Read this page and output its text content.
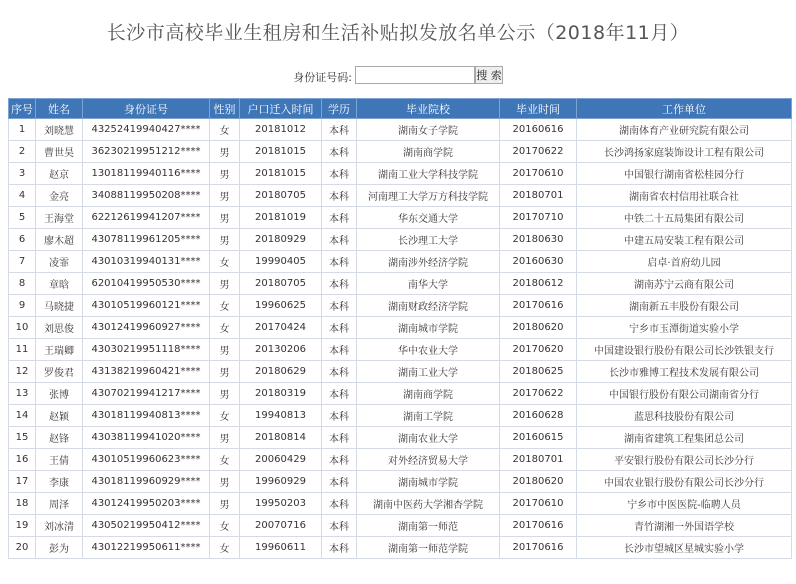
长沙市高校毕业生租房和生活补贴拟发放名单公示（2018年11月）
身份证号码:	搜 索
序号	姓名	身份证号	性别	户口迁入时间	学历	毕业院校	毕业时间	工作单位
1	刘晓慧	43252419940427****	女	20181012	本科	湖南女子学院	20160616	湖南体育产业研究院有限公司
2	曹世昊	36230219951212****	男	20181015	本科	湖南商学院	20170622	长沙鸿扬家庭装饰设计工程有限公司
3	赵京	13018119940116****	男	20181015	本科	湖南工业大学科技学院	20170610	中国银行湖南省松桂园分行
4	金亮	34088119950208****	男	20180705	本科	河南理工大学万方科技学院	20180701	湖南省农村信用社联合社
5	王海堂	62212619941207****	男	20181019	本科	华东交通大学	20170710	中铁二十五局集团有限公司
6	廖木超	43078119961205****	男	20180929	本科	长沙理工大学	20180630	中建五局安装工程有限公司
7	凌霏	43010319940131****	女	19990405	本科	湖南涉外经济学院	20160630	启卓·首府幼儿园
8	章晗	62010419950530****	男	20180705	本科	南华大学	20180612	湖南苏宁云商有限公司
9	马晓捷	43010519960121****	女	19960625	本科	湖南财政经济学院	20170616	湖南新五丰股份有限公司
10	刘思俊	43012419960927****	女	20170424	本科	湖南城市学院	20180620	宁乡市玉潭街道实验小学
11	王瑞卿	43030219951118****	男	20130206	本科	华中农业大学	20170620	中国建设银行股份有限公司长沙铁银支行
12	罗俊君	43138219960421****	男	20180629	本科	湖南工业大学	20180625	长沙市雅博工程技术发展有限公司
13	张博	43070219941217****	男	20180319	本科	湖南商学院	20170622	中国银行股份有限公司湖南省分行
14	赵颖	43018119940813****	女	19940813	本科	湖南工学院	20160628	蓝思科技股份有限公司
15	赵锋	43038119941020****	男	20180814	本科	湖南农业大学	20160615	湖南省建筑工程集团总公司
16	王倩	43010519960623****	女	20060429	本科	对外经济贸易大学	20180701	平安银行股份有限公司长沙分行
17	李康	43018119960929****	男	19960929	本科	湖南城市学院	20180620	中国农业银行股份有限公司长沙分行
18	周泽	43012419950203****	男	19950203	本科	湖南中医药大学湘杏学院	20170610	宁乡市中医医院-临聘人员
19	刘冰清	43050219950412****	女	20070716	本科	湖南第一师范	20170616	青竹湖湘一外国语学校
20	彭为	43012219950611****	女	19960611	本科	湖南第一师范学院	20170616	长沙市望城区星城实验小学
